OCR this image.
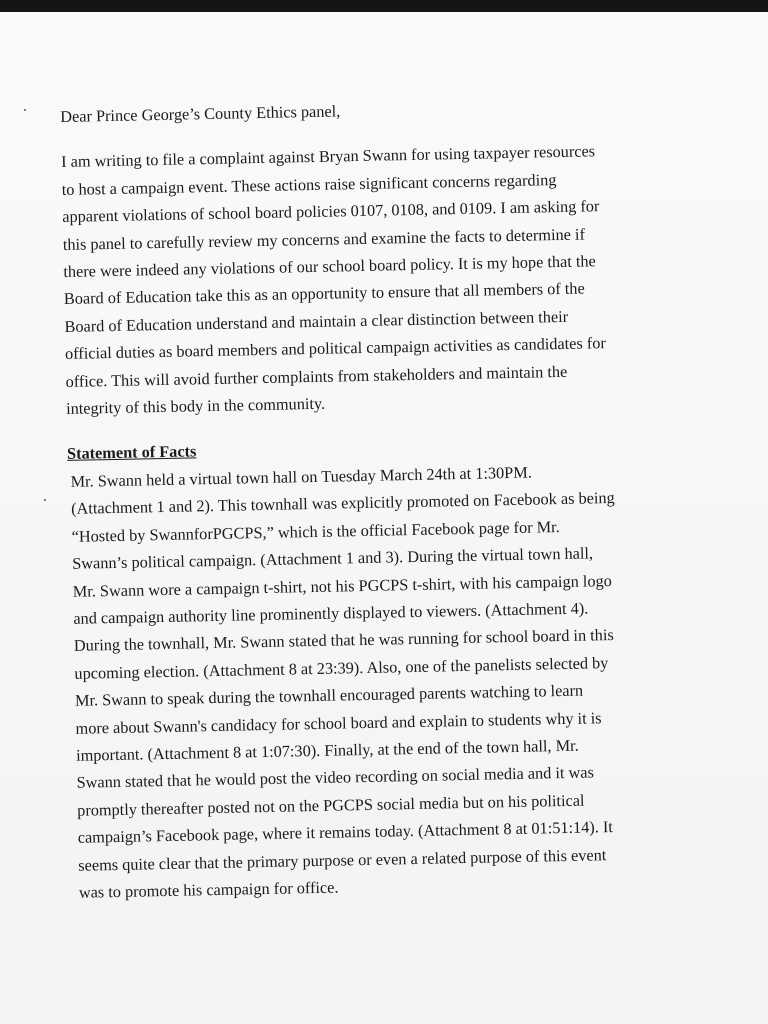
Dear Prince George’s County Ethics panel,
I am writing to file a complaint against Bryan Swann for using taxpayer resources
to host a campaign event. These actions raise significant concerns regarding
apparent violations of school board policies 0107, 0108, and 0109. I am asking for
this panel to carefully review my concerns and examine the facts to determine if
there were indeed any violations of our school board policy. It is my hope that the
Board of Education take this as an opportunity to ensure that all members of the
Board of Education understand and maintain a clear distinction between their
official duties as board members and political campaign activities as candidates for
office. This will avoid further complaints from stakeholders and maintain the
integrity of this body in the community.
Statement of Facts
Mr. Swann held a virtual town hall on Tuesday March 24th at 1:30PM.
(Attachment 1 and 2). This townhall was explicitly promoted on Facebook as being
“Hosted by SwannforPGCPS,” which is the official Facebook page for Mr.
Swann’s political campaign. (Attachment 1 and 3). During the virtual town hall,
Mr. Swann wore a campaign t-shirt, not his PGCPS t-shirt, with his campaign logo
and campaign authority line prominently displayed to viewers. (Attachment 4).
During the townhall, Mr. Swann stated that he was running for school board in this
upcoming election. (Attachment 8 at 23:39). Also, one of the panelists selected by
Mr. Swann to speak during the townhall encouraged parents watching to learn
more about Swann's candidacy for school board and explain to students why it is
important. (Attachment 8 at 1:07:30). Finally, at the end of the town hall, Mr.
Swann stated that he would post the video recording on social media and it was
promptly thereafter posted not on the PGCPS social media but on his political
campaign’s Facebook page, where it remains today. (Attachment 8 at 01:51:14). It
seems quite clear that the primary purpose or even a related purpose of this event
was to promote his campaign for office.
